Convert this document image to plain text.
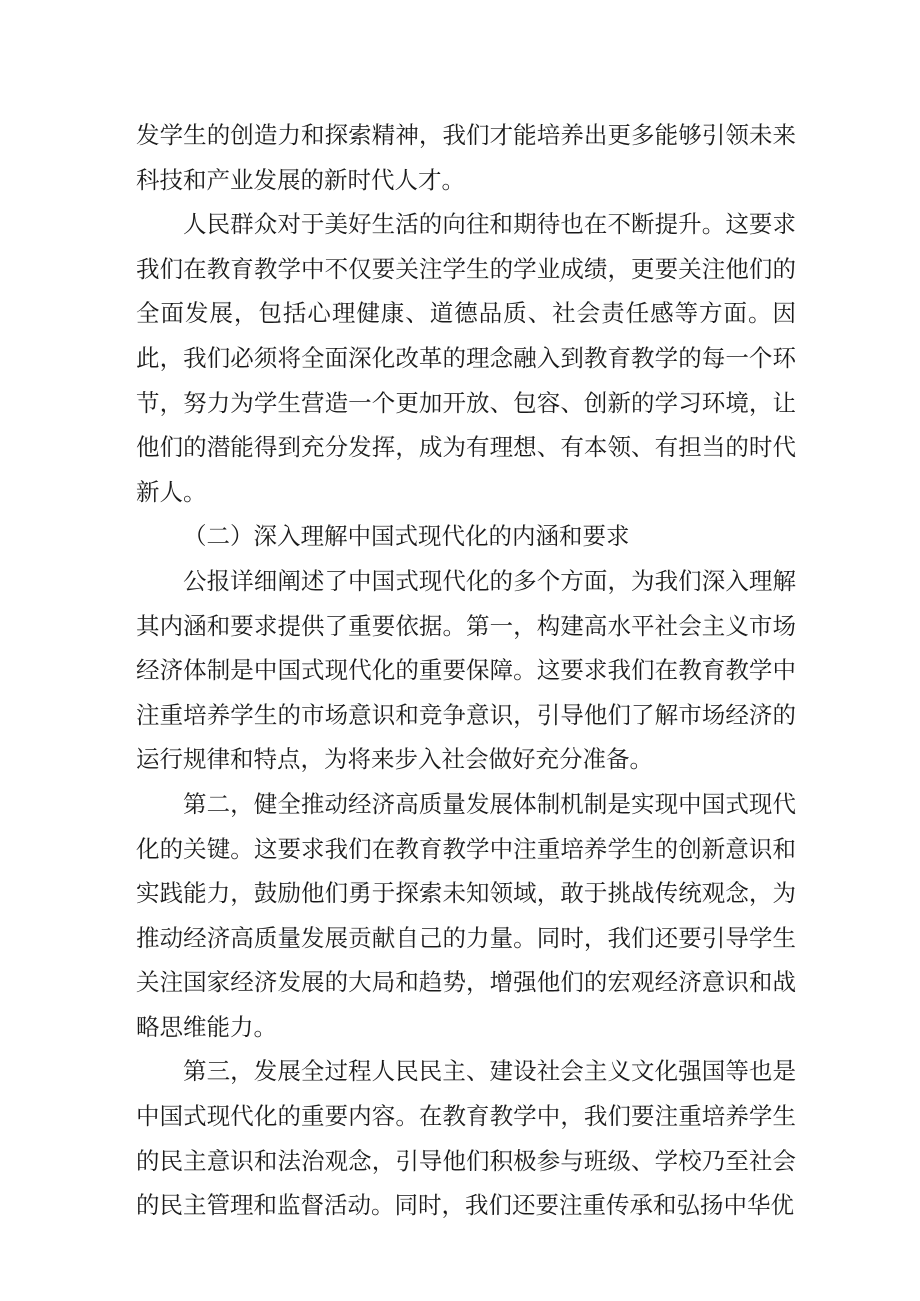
发学生的创造力和探索精神，我们才能培养出更多能够引领未来科技和产业发展的新时代人才。

人民群众对于美好生活的向往和期待也在不断提升。这要求我们在教育教学中不仅要关注学生的学业成绩，更要关注他们的全面发展，包括心理健康、道德品质、社会责任感等方面。因此，我们必须将全面深化改革的理念融入到教育教学的每一个环节，努力为学生营造一个更加开放、包容、创新的学习环境，让他们的潜能得到充分发挥，成为有理想、有本领、有担当的时代新人。

（二）深入理解中国式现代化的内涵和要求

公报详细阐述了中国式现代化的多个方面，为我们深入理解其内涵和要求提供了重要依据。第一，构建高水平社会主义市场经济体制是中国式现代化的重要保障。这要求我们在教育教学中注重培养学生的市场意识和竞争意识，引导他们了解市场经济的运行规律和特点，为将来步入社会做好充分准备。

第二，健全推动经济高质量发展体制机制是实现中国式现代化的关键。这要求我们在教育教学中注重培养学生的创新意识和实践能力，鼓励他们勇于探索未知领域，敢于挑战传统观念，为推动经济高质量发展贡献自己的力量。同时，我们还要引导学生关注国家经济发展的大局和趋势，增强他们的宏观经济意识和战略思维能力。

第三，发展全过程人民民主、建设社会主义文化强国等也是中国式现代化的重要内容。在教育教学中，我们要注重培养学生的民主意识和法治观念，引导他们积极参与班级、学校乃至社会的民主管理和监督活动。同时，我们还要注重传承和弘扬中华优
